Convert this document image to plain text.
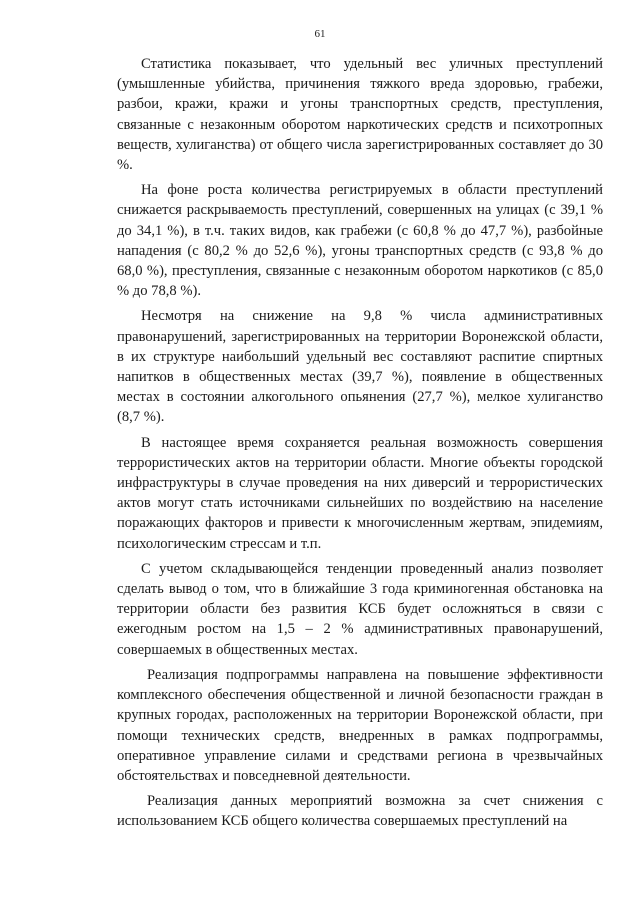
61

Статистика показывает, что удельный вес уличных преступлений (умышленные убийства, причинения тяжкого вреда здоровью, грабежи, разбои, кражи, кражи и угоны транспортных средств, преступления, связанные с незаконным оборотом наркотических средств и психотропных веществ, хулиганства) от общего числа зарегистрированных составляет до 30 %.

На фоне роста количества регистрируемых в области преступлений снижается раскрываемость преступлений, совершенных на улицах (с 39,1 % до 34,1 %), в т.ч. таких видов, как грабежи (с 60,8 % до 47,7 %), разбойные нападения (с 80,2 % до 52,6 %), угоны транспортных средств (с 93,8 % до 68,0 %), преступления, связанные с незаконным оборотом наркотиков (с 85,0 % до 78,8 %).

Несмотря на снижение на 9,8 % числа административных правонарушений, зарегистрированных на территории Воронежской области, в их структуре наибольший удельный вес составляют распитие спиртных напитков в общественных местах (39,7 %), появление в общественных местах в состоянии алкогольного опьянения (27,7 %), мелкое хулиганство (8,7 %).

В настоящее время сохраняется реальная возможность совершения террористических актов на территории области. Многие объекты городской инфраструктуры в случае проведения на них диверсий и террористических актов могут стать источниками сильнейших по воздействию на население поражающих факторов и привести к многочисленным жертвам, эпидемиям, психологическим стрессам и т.п.

С учетом складывающейся тенденции проведенный анализ позволяет сделать вывод о том, что в ближайшие 3 года криминогенная обстановка на территории области без развития КСБ будет осложняться в связи с ежегодным ростом на 1,5 – 2 % административных правонарушений, совершаемых в общественных местах.

Реализация подпрограммы направлена на повышение эффективности комплексного обеспечения общественной и личной безопасности граждан в крупных городах, расположенных на территории Воронежской области, при помощи технических средств, внедренных в рамках подпрограммы, оперативное управление силами и средствами региона в чрезвычайных обстоятельствах и повседневной деятельности.

Реализация данных мероприятий возможна за счет снижения с использованием КСБ общего количества совершаемых преступлений на
